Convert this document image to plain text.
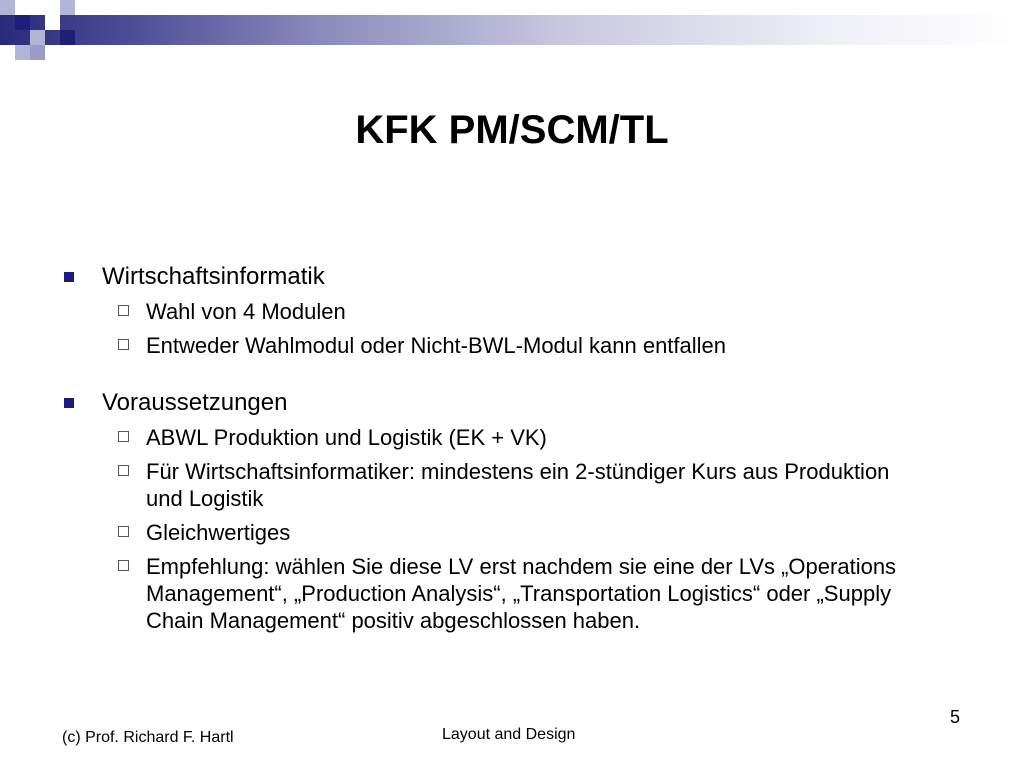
KFK PM/SCM/TL
Wirtschaftsinformatik
Wahl von 4 Modulen
Entweder Wahlmodul oder Nicht-BWL-Modul kann entfallen
Voraussetzungen
ABWL Produktion und Logistik (EK + VK)
Für Wirtschaftsinformatiker: mindestens ein 2-stündiger Kurs aus Produktion und Logistik
Gleichwertiges
Empfehlung: wählen Sie diese LV erst nachdem sie eine der LVs „Operations Management“, „Production Analysis“, „Transportation Logistics“ oder „Supply Chain Management“ positiv abgeschlossen haben.
5
(c) Prof. Richard F. Hartl	Layout and Design
